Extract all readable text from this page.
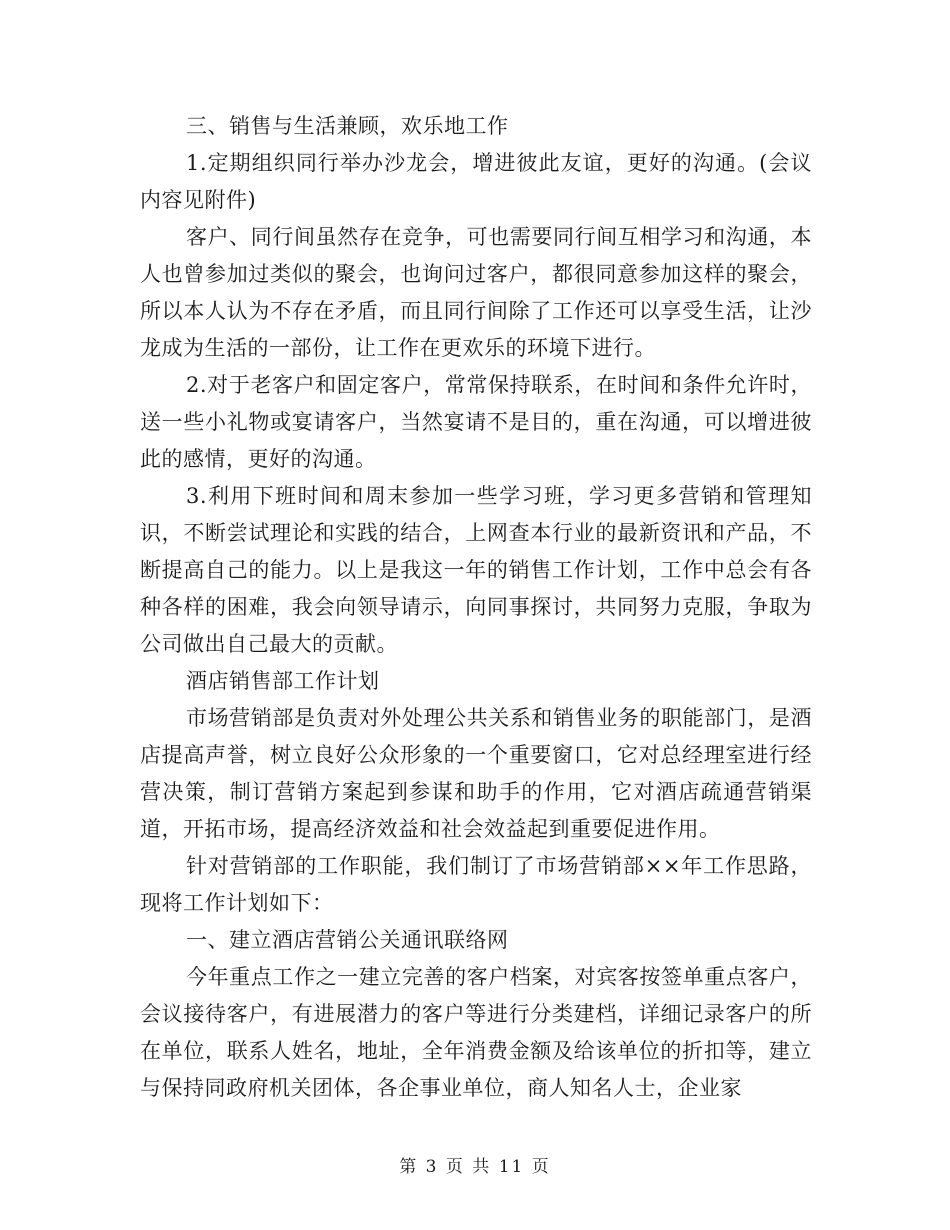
三、销售与生活兼顾，欢乐地工作

1.定期组织同行举办沙龙会，增进彼此友谊，更好的沟通。(会议内容见附件)

客户、同行间虽然存在竞争，可也需要同行间互相学习和沟通，本人也曾参加过类似的聚会，也询问过客户，都很同意参加这样的聚会，所以本人认为不存在矛盾，而且同行间除了工作还可以享受生活，让沙龙成为生活的一部份，让工作在更欢乐的环境下进行。

2.对于老客户和固定客户，常常保持联系，在时间和条件允许时，送一些小礼物或宴请客户，当然宴请不是目的，重在沟通，可以增进彼此的感情，更好的沟通。

3.利用下班时间和周末参加一些学习班，学习更多营销和管理知识，不断尝试理论和实践的结合，上网查本行业的最新资讯和产品，不断提高自己的能力。以上是我这一年的销售工作计划，工作中总会有各种各样的困难，我会向领导请示，向同事探讨，共同努力克服，争取为公司做出自己最大的贡献。

酒店销售部工作计划

市场营销部是负责对外处理公共关系和销售业务的职能部门，是酒店提高声誉，树立良好公众形象的一个重要窗口，它对总经理室进行经营决策，制订营销方案起到参谋和助手的作用，它对酒店疏通营销渠道，开拓市场，提高经济效益和社会效益起到重要促进作用。

针对营销部的工作职能，我们制订了市场营销部××年工作思路，现将工作计划如下：

一、建立酒店营销公关通讯联络网

今年重点工作之一建立完善的客户档案，对宾客按签单重点客户，会议接待客户，有进展潜力的客户等进行分类建档，详细记录客户的所在单位，联系人姓名，地址，全年消费金额及给该单位的折扣等，建立与保持同政府机关团体，各企事业单位，商人知名人士，企业家

第 3 页 共 11 页
